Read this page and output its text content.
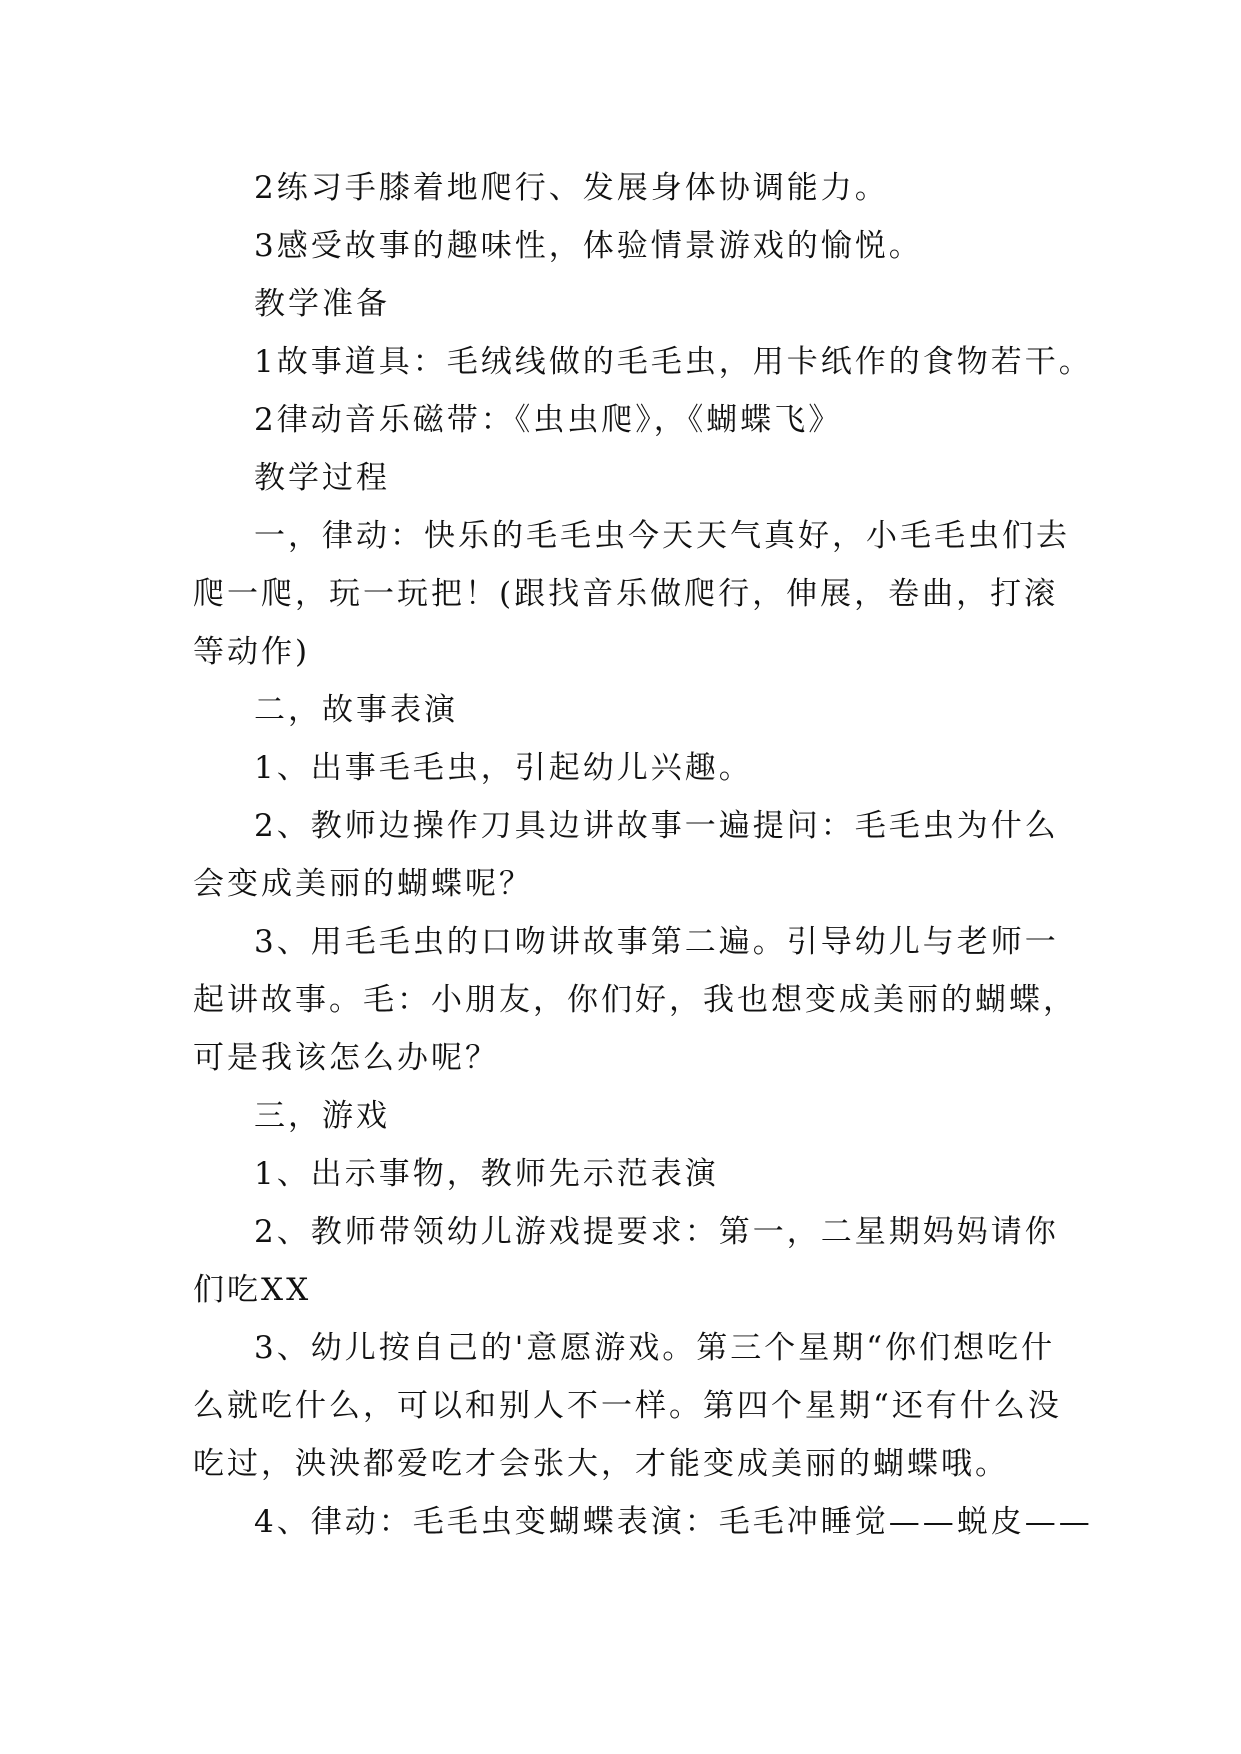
2练习手膝着地爬行、发展身体协调能力。
3感受故事的趣味性，体验情景游戏的愉悦。
教学准备
1故事道具：毛绒线做的毛毛虫，用卡纸作的食物若干。
2律动音乐磁带：《虫虫爬》，《蝴蝶飞》
教学过程
一，律动：快乐的毛毛虫今天天气真好，小毛毛虫们去
爬一爬，玩一玩把！(跟找音乐做爬行，伸展，卷曲，打滚
等动作)
二，故事表演
1、出事毛毛虫，引起幼儿兴趣。
2、教师边操作刀具边讲故事一遍提问：毛毛虫为什么
会变成美丽的蝴蝶呢？
3、用毛毛虫的口吻讲故事第二遍。引导幼儿与老师一
起讲故事。毛：小朋友，你们好，我也想变成美丽的蝴蝶，
可是我该怎么办呢？
三，游戏
1、出示事物，教师先示范表演
2、教师带领幼儿游戏提要求：第一，二星期妈妈请你
们吃XX
3、幼儿按自己的'意愿游戏。第三个星期“你们想吃什
么就吃什么，可以和别人不一样。第四个星期“还有什么没
吃过，泱泱都爱吃才会张大，才能变成美丽的蝴蝶哦。
4、律动：毛毛虫变蝴蝶表演：毛毛冲睡觉——蜕皮——
